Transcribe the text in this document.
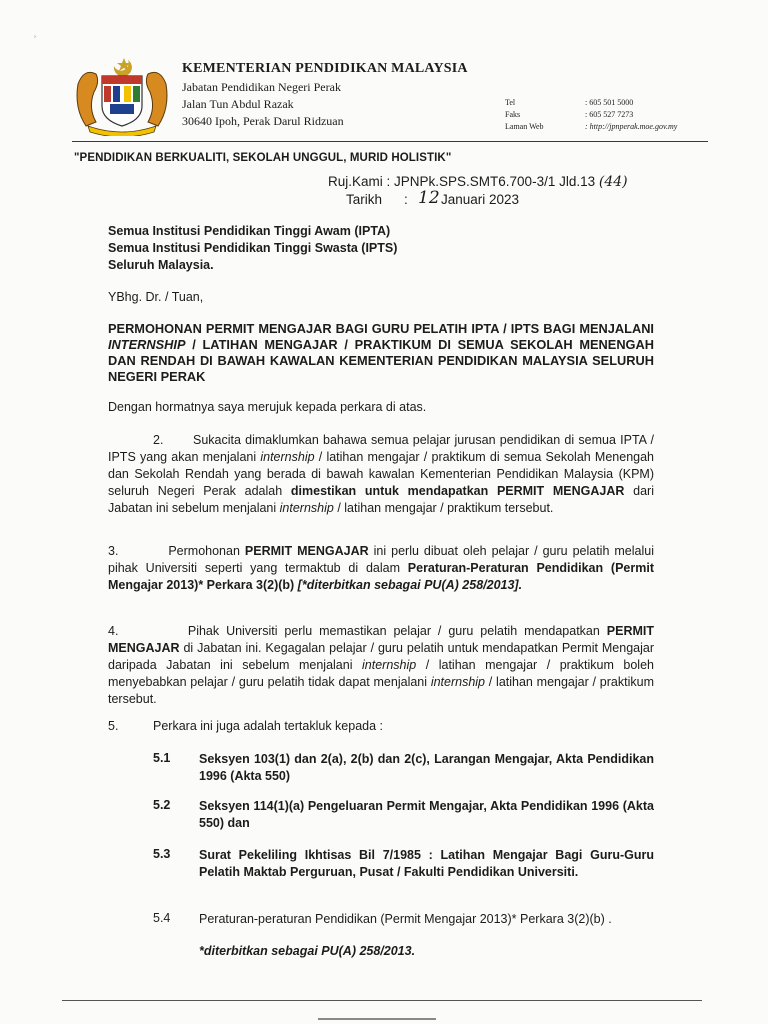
ʾ
KEMENTERIAN PENDIDIKAN MALAYSIA
Jabatan Pendidikan Negeri Perak
Jalan Tun Abdul Razak
30640 Ipoh, Perak Darul Ridzuan
Tel	: 605 501 5000
Faks	: 605 527 7273
Laman Web	: http://jpnperak.moe.gov.my
"PENDIDIKAN BERKUALITI, SEKOLAH UNGGUL, MURID HOLISTIK"
Ruj.Kami : JPNPk.SPS.SMT6.700-3/1 Jld.13 (44)
Tarikh : 12 Januari 2023
Semua Institusi Pendidikan Tinggi Awam (IPTA)
Semua Institusi Pendidikan Tinggi Swasta (IPTS)
Seluruh Malaysia.
YBhg. Dr. / Tuan,
PERMOHONAN PERMIT MENGAJAR BAGI GURU PELATIH IPTA / IPTS BAGI MENJALANI INTERNSHIP / LATIHAN MENGAJAR / PRAKTIKUM DI SEMUA SEKOLAH MENENGAH DAN RENDAH DI BAWAH KAWALAN KEMENTERIAN PENDIDIKAN MALAYSIA SELURUH NEGERI PERAK
Dengan hormatnya saya merujuk kepada perkara di atas.
2. Sukacita dimaklumkan bahawa semua pelajar jurusan pendidikan di semua IPTA / IPTS yang akan menjalani internship / latihan mengajar / praktikum di semua Sekolah Menengah dan Sekolah Rendah yang berada di bawah kawalan Kementerian Pendidikan Malaysia (KPM) seluruh Negeri Perak adalah dimestikan untuk mendapatkan PERMIT MENGAJAR dari Jabatan ini sebelum menjalani internship / latihan mengajar / praktikum tersebut.
3.	Permohonan PERMIT MENGAJAR ini perlu dibuat oleh pelajar / guru pelatih melalui pihak Universiti seperti yang termaktub di dalam Peraturan-Peraturan Pendidikan (Permit Mengajar 2013)* Perkara 3(2)(b) [*diterbitkan sebagai PU(A) 258/2013].
4.	Pihak Universiti perlu memastikan pelajar / guru pelatih mendapatkan PERMIT MENGAJAR di Jabatan ini. Kegagalan pelajar / guru pelatih untuk mendapatkan Permit Mengajar daripada Jabatan ini sebelum menjalani internship / latihan mengajar / praktikum boleh menyebabkan pelajar / guru pelatih tidak dapat menjalani internship / latihan mengajar / praktikum tersebut.
5.	Perkara ini juga adalah tertakluk kepada :
5.1 Seksyen 103(1) dan 2(a), 2(b) dan 2(c), Larangan Mengajar, Akta Pendidikan 1996 (Akta 550)
5.2 Seksyen 114(1)(a) Pengeluaran Permit Mengajar, Akta Pendidikan 1996 (Akta 550) dan
5.3 Surat Pekeliling Ikhtisas Bil 7/1985 : Latihan Mengajar Bagi Guru-Guru Pelatih Maktab Perguruan, Pusat / Fakulti Pendidikan Universiti.
5.4 Peraturan-peraturan Pendidikan (Permit Mengajar 2013)* Perkara 3(2)(b) .
*diterbitkan sebagai PU(A) 258/2013.
